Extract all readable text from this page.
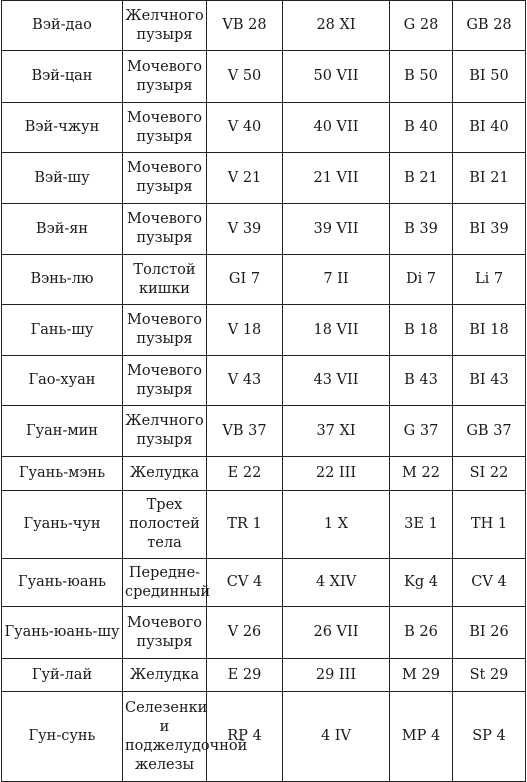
Вэй-дао	Желчного пузыря	VB 28	28 XI	G 28	GB 28
Вэй-цан	Мочевого пузыря	V 50	50 VII	B 50	BI 50
Вэй-чжун	Мочевого пузыря	V 40	40 VII	B 40	BI 40
Вэй-шу	Мочевого пузыря	V 21	21 VII	B 21	BI 21
Вэй-ян	Мочевого пузыря	V 39	39 VII	B 39	BI 39
Вэнь-лю	Толстой кишки	GI 7	7 II	Di 7	Li 7
Гань-шу	Мочевого пузыря	V 18	18 VII	B 18	BI 18
Гао-хуан	Мочевого пузыря	V 43	43 VII	B 43	BI 43
Гуан-мин	Желчного пузыря	VB 37	37 XI	G 37	GB 37
Гуань-мэнь	Желудка	E 22	22 III	M 22	SI 22
Гуань-чун	Трех полостей тела	TR 1	1 X	3E 1	TH 1
Гуань-юань	Передне-срединный	CV 4	4 XIV	Kg 4	CV 4
Гуань-юань-шу	Мочевого пузыря	V 26	26 VII	B 26	BI 26
Гуй-лай	Желудка	E 29	29 III	M 29	St 29
Гун-сунь	Селезенки и поджелудочной железы	RP 4	4 IV	MP 4	SP 4
